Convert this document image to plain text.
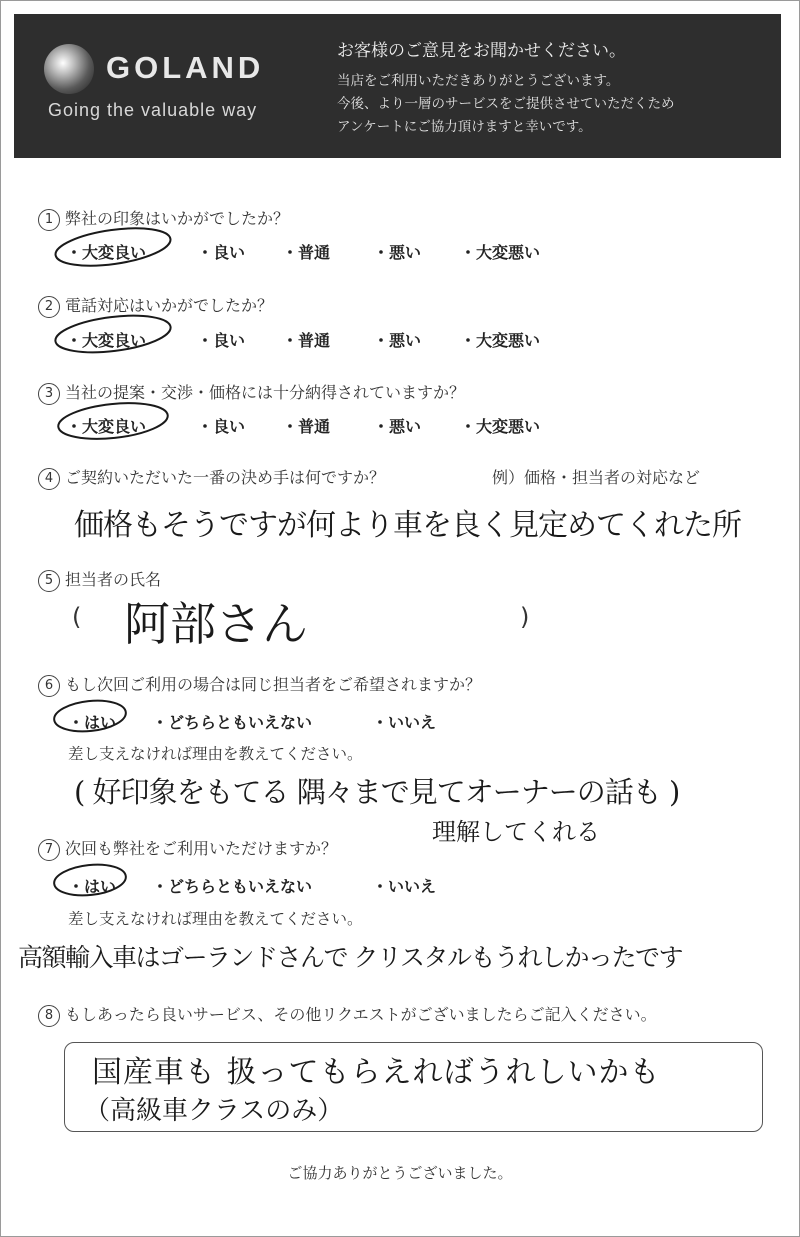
GOLAND
Going the valuable way
お客様のご意見をお聞かせください。
当店をご利用いただきありがとうございます。
今後、より一層のサービスをご提供させていただくため
アンケートにご協力頂けますと幸いです。
1 弊社の印象はいかがでしたか？
・大変良い	・良い ・普通	・悪い ・大変悪い
2 電話対応はいかがでしたか？
・大変良い	・良い ・普通	・悪い ・大変悪い
3 当社の提案・交渉・価格には十分納得されていますか？
・大変良い	・良い ・普通	・悪い ・大変悪い
4 ご契約いただいた一番の決め手は何ですか？	例）価格・担当者の対応など
価格もそうですが何より車を良く見定めてくれた所
5 担当者の氏名
(	)
阿部さん
6 もし次回ご利用の場合は同じ担当者をご希望されますか？
・はい ・どちらともいえない	・いいえ
差し支えなければ理由を教えてください。
( 好印象をもてる 隅々まで見てオーナーの話も )
理解してくれる
7 次回も弊社をご利用いただけますか？
・はい ・どちらともいえない	・いいえ
差し支えなければ理由を教えてください。
高額輸入車はゴーランドさんで クリスタルもうれしかったです
8 もしあったら良いサービス、その他リクエストがございましたらご記入ください。
国産車も 扱ってもらえればうれしいかも
（高級車クラスのみ）
ご協力ありがとうございました。
